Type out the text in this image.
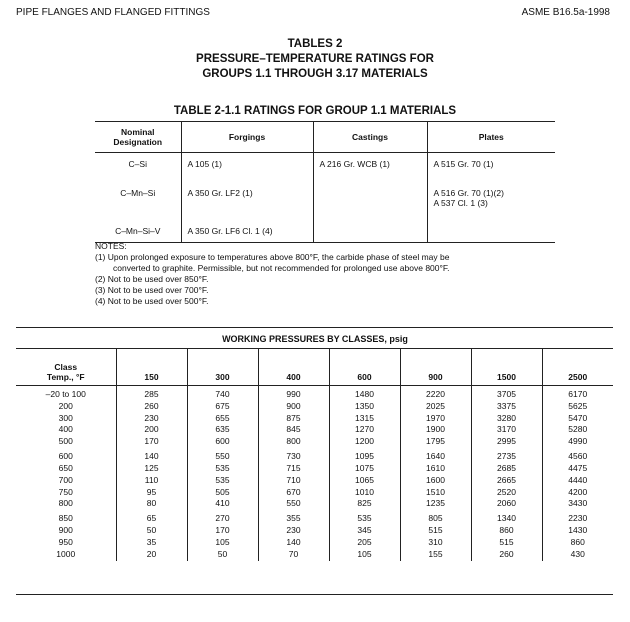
PIPE FLANGES AND FLANGED FITTINGS	ASME B16.5a-1998
TABLES 2
PRESSURE–TEMPERATURE RATINGS FOR
GROUPS 1.1 THROUGH 3.17 MATERIALS
TABLE 2-1.1 RATINGS FOR GROUP 1.1 MATERIALS
Nominal
Designation	Forgings	Castings	Plates
C–Si	A 105 (1)	A 216 Gr. WCB (1)	A 515 Gr. 70 (1)

C–Mn–Si	A 350 Gr. LF2 (1)		A 516 Gr. 70 (1)(2)
A 537 Cl. 1 (3)

C–Mn–Si–V	A 350 Gr. LF6 Cl. 1 (4)		
NOTES:
(1) Upon prolonged exposure to temperatures above 800°F, the carbide phase of steel may be
converted to graphite. Permissible, but not recommended for prolonged use above 800°F.
(2) Not to be used over 850°F.
(3) Not to be used over 700°F.
(4) Not to be used over 500°F.
WORKING PRESSURES BY CLASSES, psig
Class
Temp., °F	150	300	400	600	900	1500	2500
–20 to 100	285	740	990	1480	2220	3705	6170
200	260	675	900	1350	2025	3375	5625
300	230	655	875	1315	1970	3280	5470
400	200	635	845	1270	1900	3170	5280
500	170	600	800	1200	1795	2995	4990
600	140	550	730	1095	1640	2735	4560
650	125	535	715	1075	1610	2685	4475
700	110	535	710	1065	1600	2665	4440
750	95	505	670	1010	1510	2520	4200
800	80	410	550	825	1235	2060	3430
850	65	270	355	535	805	1340	2230
900	50	170	230	345	515	860	1430
950	35	105	140	205	310	515	860
1000	20	50	70	105	155	260	430
